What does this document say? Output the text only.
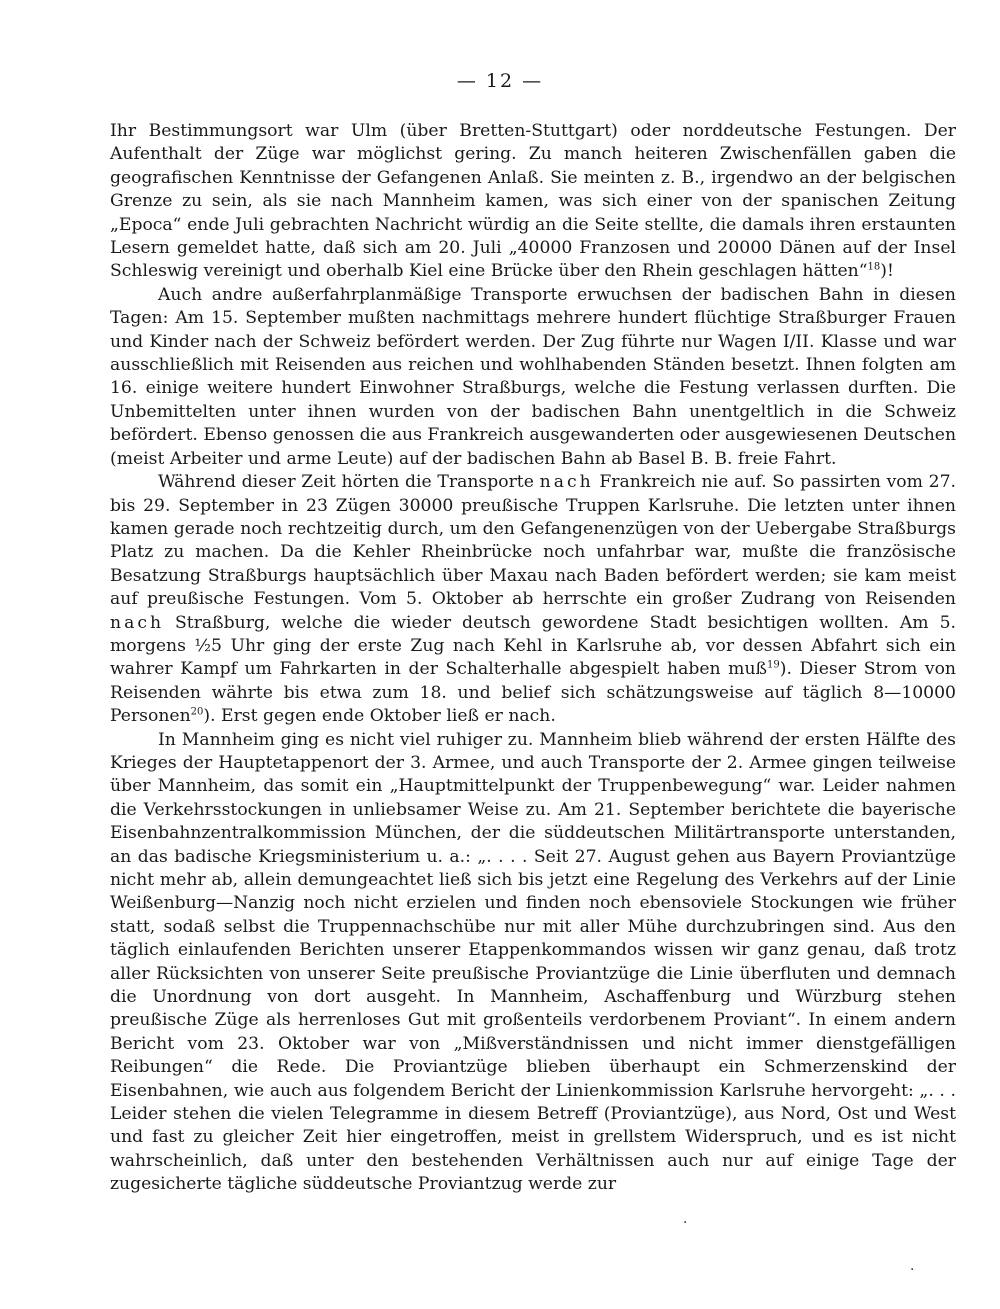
— 12 —

Ihr Bestimmungsort war Ulm (über Bretten-Stuttgart) oder norddeutsche Festungen. Der Aufenthalt der Züge war möglichst gering. Zu manch heiteren Zwischenfällen gaben die geografischen Kenntnisse der Gefangenen Anlaß. Sie meinten z. B., irgendwo an der belgischen Grenze zu sein, als sie nach Mannheim kamen, was sich einer von der spanischen Zeitung „Epoca“ ende Juli gebrachten Nachricht würdig an die Seite stellte, die damals ihren erstaunten Lesern gemeldet hatte, daß sich am 20. Juli „40000 Franzosen und 20000 Dänen auf der Insel Schleswig vereinigt und oberhalb Kiel eine Brücke über den Rhein geschlagen hätten“$^{18}$)!

Auch andre außerfahrplanmäßige Transporte erwuchsen der badischen Bahn in diesen Tagen: Am 15. September mußten nachmittags mehrere hundert flüchtige Straßburger Frauen und Kinder nach der Schweiz befördert werden. Der Zug führte nur Wagen I/II. Klasse und war ausschließlich mit Reisenden aus reichen und wohlhabenden Ständen besetzt. Ihnen folgten am 16. einige weitere hundert Einwohner Straßburgs, welche die Festung verlassen durften. Die Unbemittelten unter ihnen wurden von der badischen Bahn unentgeltlich in die Schweiz befördert. Ebenso genossen die aus Frankreich ausgewanderten oder ausgewiesenen Deutschen (meist Arbeiter und arme Leute) auf der badischen Bahn ab Basel B. B. freie Fahrt.

Während dieser Zeit hörten die Transporte nach Frankreich nie auf. So passirten vom 27. bis 29. September in 23 Zügen 30000 preußische Truppen Karlsruhe. Die letzten unter ihnen kamen gerade noch rechtzeitig durch, um den Gefangenenzügen von der Uebergabe Straßburgs Platz zu machen. Da die Kehler Rheinbrücke noch unfahrbar war, mußte die französische Besatzung Straßburgs hauptsächlich über Maxau nach Baden befördert werden; sie kam meist auf preußische Festungen. Vom 5. Oktober ab herrschte ein großer Zudrang von Reisenden nach Straßburg, welche die wieder deutsch gewordene Stadt besichtigen wollten. Am 5. morgens ½5 Uhr ging der erste Zug nach Kehl in Karlsruhe ab, vor dessen Abfahrt sich ein wahrer Kampf um Fahrkarten in der Schalterhalle abgespielt haben muß$^{19}$). Dieser Strom von Reisenden währte bis etwa zum 18. und belief sich schätzungsweise auf täglich 8—10000 Personen$^{20}$). Erst gegen ende Oktober ließ er nach.

In Mannheim ging es nicht viel ruhiger zu. Mannheim blieb während der ersten Hälfte des Krieges der Hauptetappenort der 3. Armee, und auch Transporte der 2. Armee gingen teilweise über Mannheim, das somit ein „Hauptmittelpunkt der Truppenbewegung“ war. Leider nahmen die Verkehrsstockungen in unliebsamer Weise zu. Am 21. September berichtete die bayerische Eisenbahnzentralkommission München, der die süddeutschen Militärtransporte unterstanden, an das badische Kriegsministerium u. a.: „. . . . Seit 27. August gehen aus Bayern Proviantzüge nicht mehr ab, allein demungeachtet ließ sich bis jetzt eine Regelung des Verkehrs auf der Linie Weißenburg—Nanzig noch nicht erzielen und finden noch ebensoviele Stockungen wie früher statt, sodaß selbst die Truppennachschübe nur mit aller Mühe durchzubringen sind. Aus den täglich einlaufenden Berichten unserer Etappenkommandos wissen wir ganz genau, daß trotz aller Rücksichten von unserer Seite preußische Proviantzüge die Linie überfluten und demnach die Unordnung von dort ausgeht. In Mannheim, Aschaffenburg und Würzburg stehen preußische Züge als herrenloses Gut mit großenteils verdorbenem Proviant“. In einem andern Bericht vom 23. Oktober war von „Mißverständnissen und nicht immer dienstgefälligen Reibungen“ die Rede. Die Proviantzüge blieben überhaupt ein Schmerzenskind der Eisenbahnen, wie auch aus folgendem Bericht der Linienkommission Karlsruhe hervorgeht: „. . . Leider stehen die vielen Telegramme in diesem Betreff (Proviantzüge), aus Nord, Ost und West und fast zu gleicher Zeit hier eingetroffen, meist in grellstem Widerspruch, und es ist nicht wahrscheinlich, daß unter den bestehenden Verhältnissen auch nur auf einige Tage der zugesicherte tägliche süddeutsche Proviantzug werde zur

·
·
